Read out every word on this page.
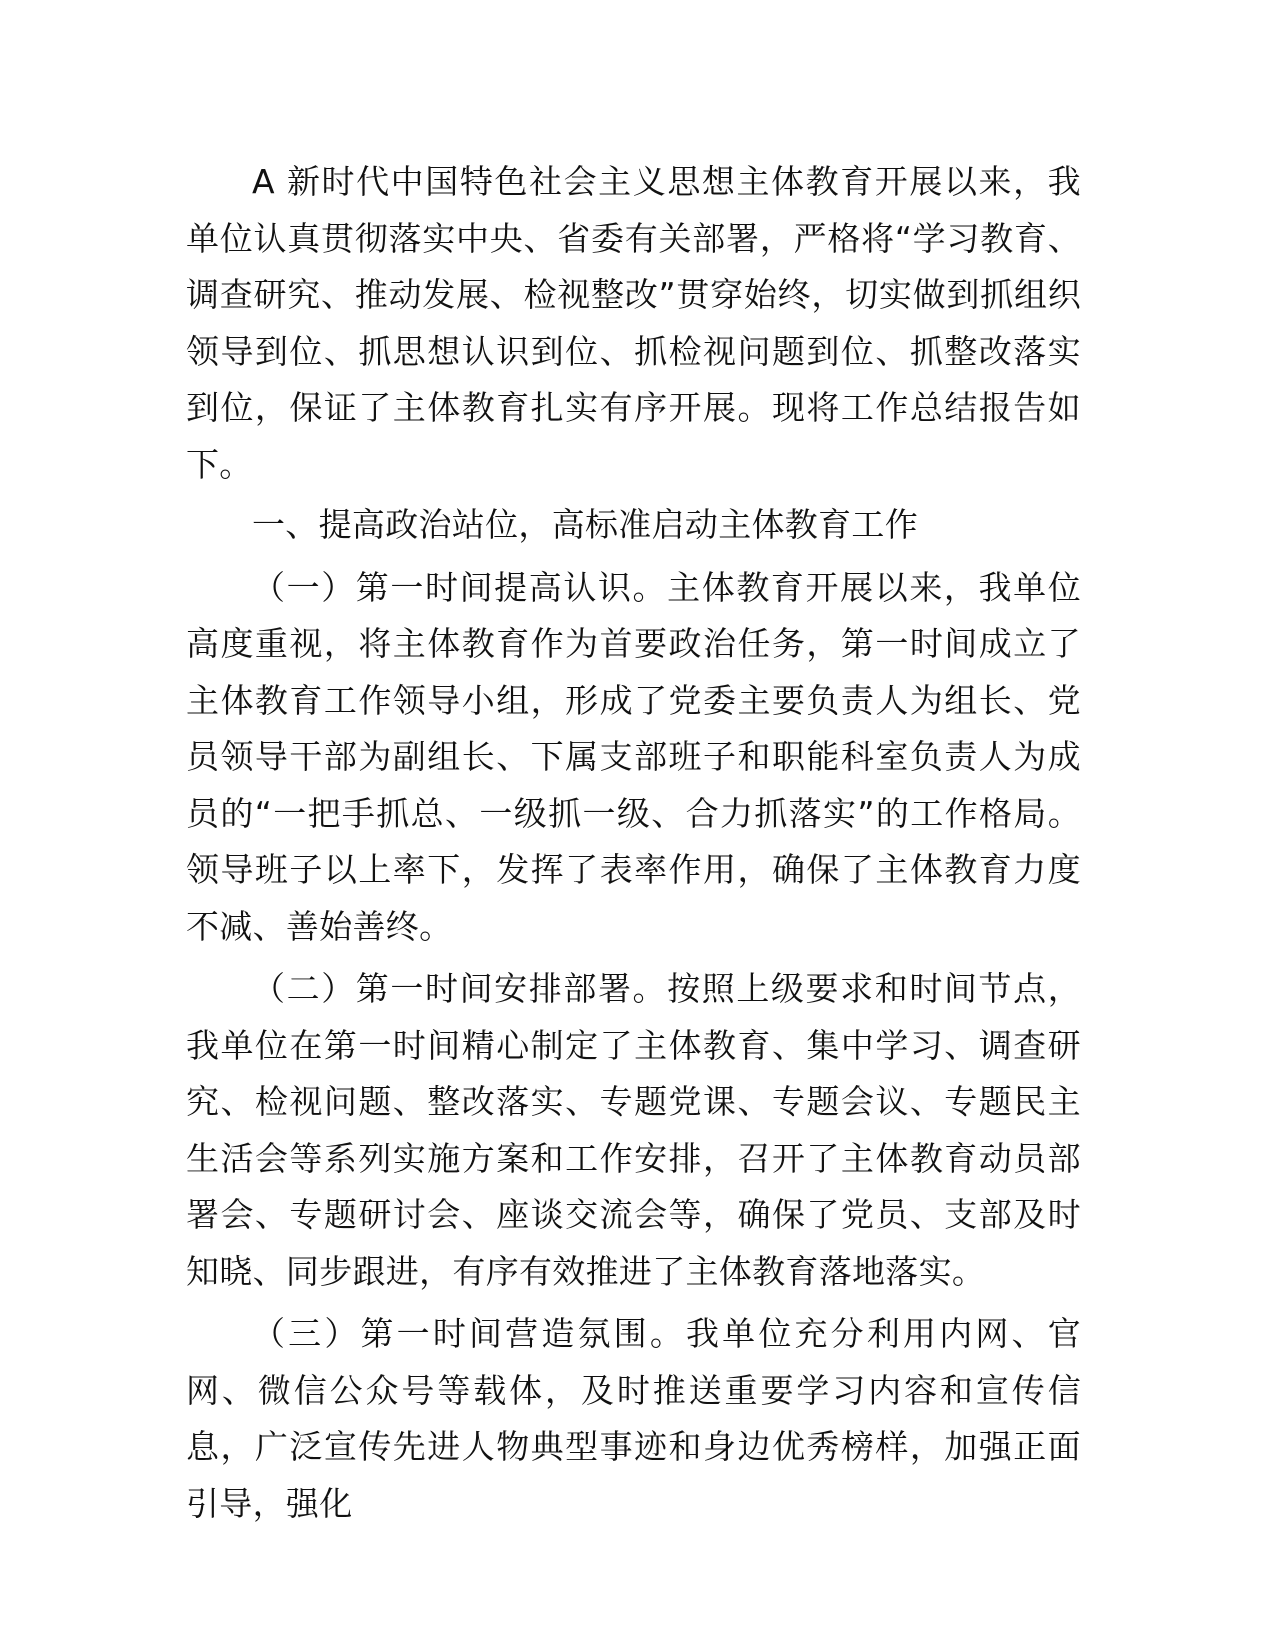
A 新时代中国特色社会主义思想主体教育开展以来，我单位认真贯彻落实中央、省委有关部署，严格将“学习教育、调查研究、推动发展、检视整改”贯穿始终，切实做到抓组织领导到位、抓思想认识到位、抓检视问题到位、抓整改落实到位，保证了主体教育扎实有序开展。现将工作总结报告如下。

一、提高政治站位，高标准启动主体教育工作

（一）第一时间提高认识。主体教育开展以来，我单位高度重视，将主体教育作为首要政治任务，第一时间成立了主体教育工作领导小组，形成了党委主要负责人为组长、党员领导干部为副组长、下属支部班子和职能科室负责人为成员的“一把手抓总、一级抓一级、合力抓落实”的工作格局。领导班子以上率下，发挥了表率作用，确保了主体教育力度不减、善始善终。

（二）第一时间安排部署。按照上级要求和时间节点，我单位在第一时间精心制定了主体教育、集中学习、调查研究、检视问题、整改落实、专题党课、专题会议、专题民主生活会等系列实施方案和工作安排，召开了主体教育动员部署会、专题研讨会、座谈交流会等，确保了党员、支部及时知晓、同步跟进，有序有效推进了主体教育落地落实。

（三）第一时间营造氛围。我单位充分利用内网、官网、微信公众号等载体，及时推送重要学习内容和宣传信息，广泛宣传先进人物典型事迹和身边优秀榜样，加强正面引导，强化
